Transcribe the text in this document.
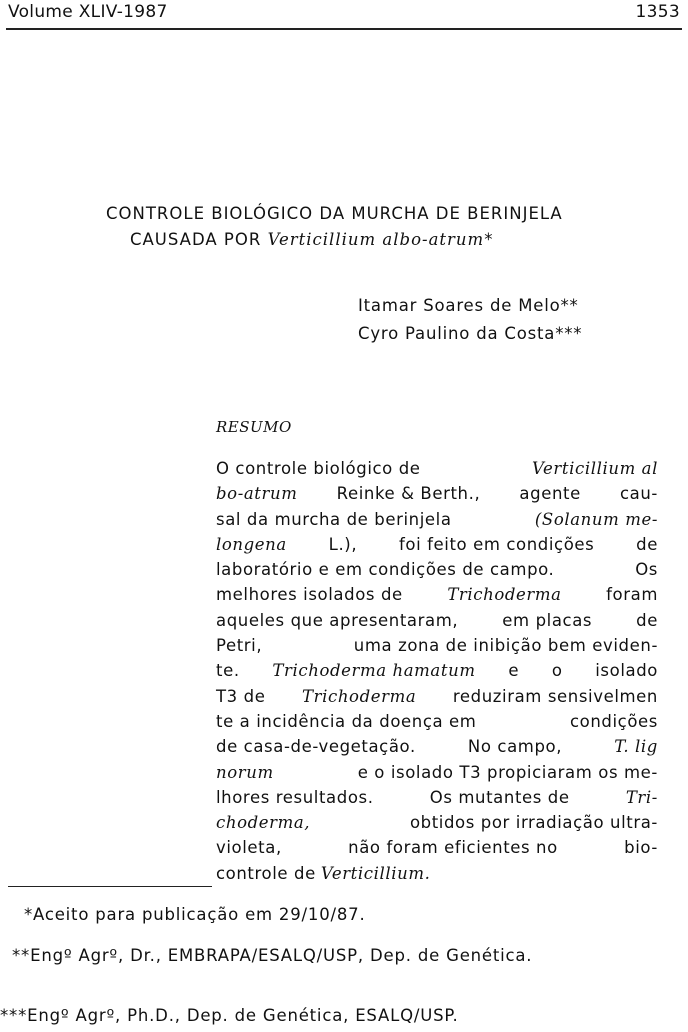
Volume XLIV-1987	1353
CONTROLE BIOLÓGICO DA MURCHA DE BERINJELA
CAUSADA POR Verticillium albo-atrum*
Itamar Soares de Melo**
Cyro Paulino da Costa***
RESUMO
O controle biológico de	Verticillium al
bo-atrum Reinke & Berth., agente cau-
sal da murcha de berinjela	(Solanum me-
longena	L.),	foi feito em condições	de
laboratório e em condições de campo.	Os
melhores isolados de	Trichoderma	foram
aqueles que apresentaram,	em placas	de
Petri,	uma zona de inibição bem eviden-
te. Trichoderma hamatum e o isolado
T3 de Trichoderma reduziram sensivelmen
te a incidência da doença em	condições
de casa-de-vegetação.	No campo,	T. lig
norum	e o isolado T3 propiciaram os me-
lhores resultados.	Os mutantes de	Tri-
choderma,	obtidos por irradiação ultra-
violeta,	não foram eficientes no	bio-
controle de Verticillium.
*Aceito para publicação em 29/10/87.
**Engº Agrº, Dr., EMBRAPA/ESALQ/USP, Dep. de Genética.
***Engº Agrº, Ph.D., Dep. de Genética, ESALQ/USP.
